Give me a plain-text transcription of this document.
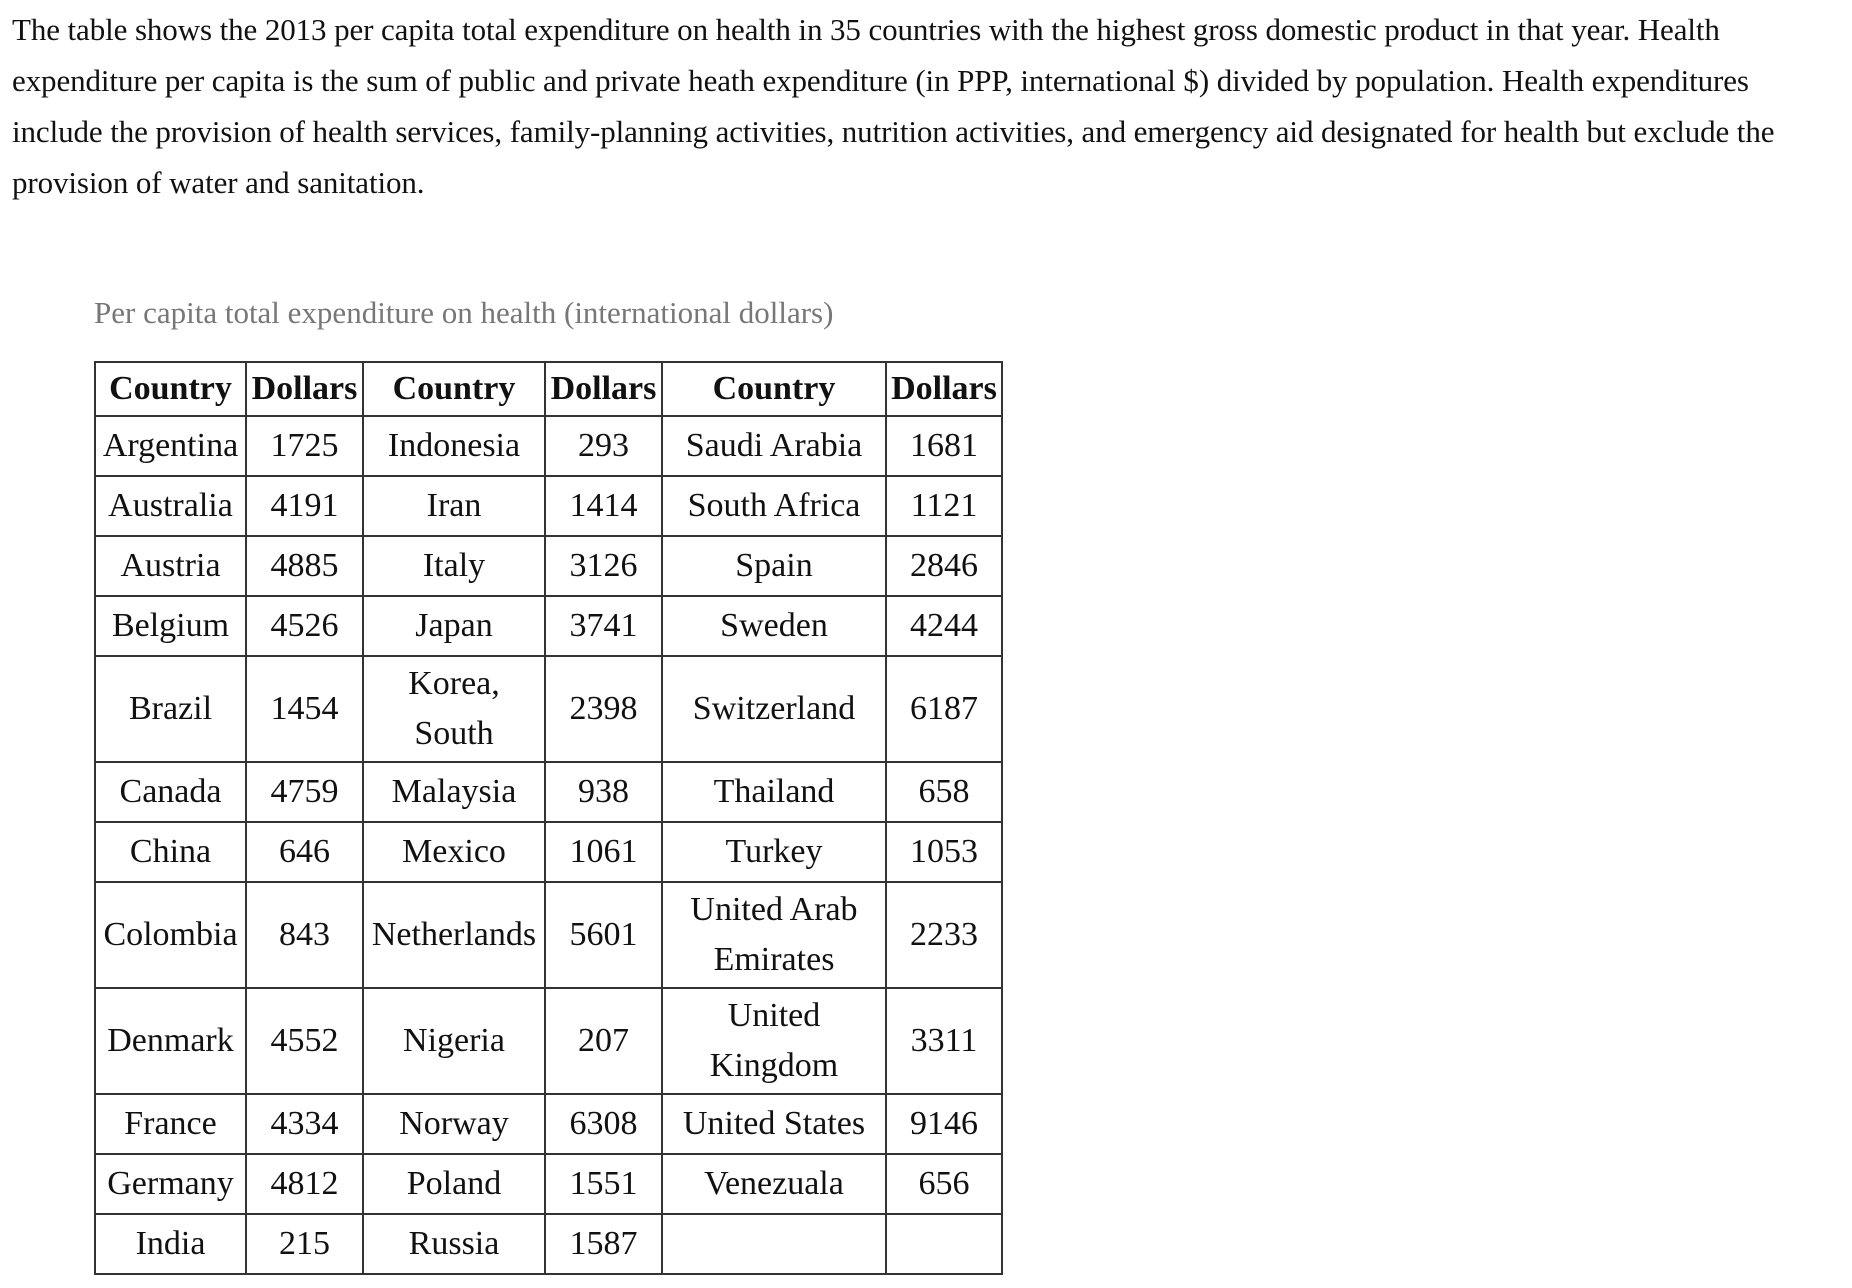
The table shows the 2013 per capita total expenditure on health in 35 countries with the highest gross domestic product in that year. Health expenditure per capita is the sum of public and private heath expenditure (in PPP, international $) divided by population. Health expenditures include the provision of health services, family-planning activities, nutrition activities, and emergency aid designated for health but exclude the provision of water and sanitation.

Per capita total expenditure on health (international dollars)

Country	Dollars	Country	Dollars	Country	Dollars
Argentina	1725	Indonesia	293	Saudi Arabia	1681
Australia	4191	Iran	1414	South Africa	1121
Austria	4885	Italy	3126	Spain	2846
Belgium	4526	Japan	3741	Sweden	4244
Brazil	1454	Korea, South	2398	Switzerland	6187
Canada	4759	Malaysia	938	Thailand	658
China	646	Mexico	1061	Turkey	1053
Colombia	843	Netherlands	5601	United Arab Emirates	2233
Denmark	4552	Nigeria	207	United Kingdom	3311
France	4334	Norway	6308	United States	9146
Germany	4812	Poland	1551	Venezuala	656
India	215	Russia	1587		
